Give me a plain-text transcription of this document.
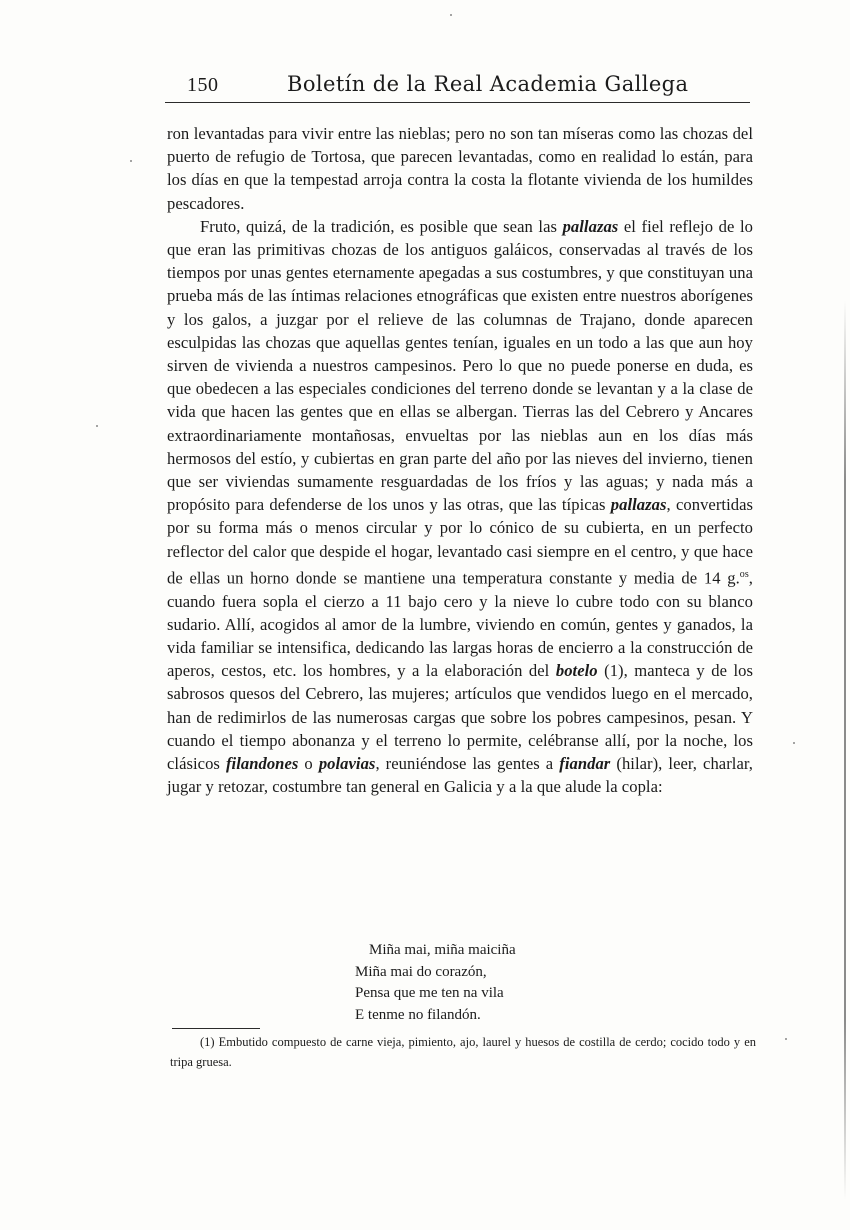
150	Boletín de la Real Academia Gallega

ron levantadas para vivir entre las nieblas; pero no son tan míseras como las chozas del puerto de refugio de Tortosa, que parecen levantadas, como en realidad lo están, para los días en que la tempestad arroja contra la costa la flotante vivienda de los humildes pescadores.

Fruto, quizá, de la tradición, es posible que sean las pallazas el fiel reflejo de lo que eran las primitivas chozas de los antiguos galáicos, conservadas al través de los tiempos por unas gentes eternamente apegadas a sus costumbres, y que constituyan una prueba más de las íntimas relaciones etnográficas que existen entre nuestros aborígenes y los galos, a juzgar por el relieve de las columnas de Trajano, donde aparecen esculpidas las chozas que aquellas gentes tenían, iguales en un todo a las que aun hoy sirven de vivienda a nuestros campesinos. Pero lo que no puede ponerse en duda, es que obedecen a las especiales condiciones del terreno donde se levantan y a la clase de vida que hacen las gentes que en ellas se albergan. Tierras las del Cebrero y Ancares extraordinariamente montañosas, envueltas por las nieblas aun en los días más hermosos del estío, y cubiertas en gran parte del año por las nieves del invierno, tienen que ser viviendas sumamente resguardadas de los fríos y las aguas; y nada más a propósito para defenderse de los unos y las otras, que las típicas pallazas, convertidas por su forma más o menos circular y por lo cónico de su cubierta, en un perfecto reflector del calor que despide el hogar, levantado casi siempre en el centro, y que hace de ellas un horno donde se mantiene una temperatura constante y media de 14 g.$^{os}$, cuando fuera sopla el cierzo a 11 bajo cero y la nieve lo cubre todo con su blanco sudario. Allí, acogidos al amor de la lumbre, viviendo en común, gentes y ganados, la vida familiar se intensifica, dedicando las largas horas de encierro a la construcción de aperos, cestos, etc. los hombres, y a la elaboración del botelo (1), manteca y de los sabrosos quesos del Cebrero, las mujeres; artículos que vendidos luego en el mercado, han de redimirlos de las numerosas cargas que sobre los pobres campesinos, pesan. Y cuando el tiempo abonanza y el terreno lo permite, celébranse allí, por la noche, los clásicos filandones o polavias, reuniéndose las gentes a fiandar (hilar), leer, charlar, jugar y retozar, costumbre tan general en Galicia y a la que alude la copla:

Miña mai, miña maiciña
Miña mai do corazón,
Pensa que me ten na vila
E tenme no filandón.

(1) Embutido compuesto de carne vieja, pimiento, ajo, laurel y huesos de costilla de cerdo; cocido todo y en tripa gruesa.
